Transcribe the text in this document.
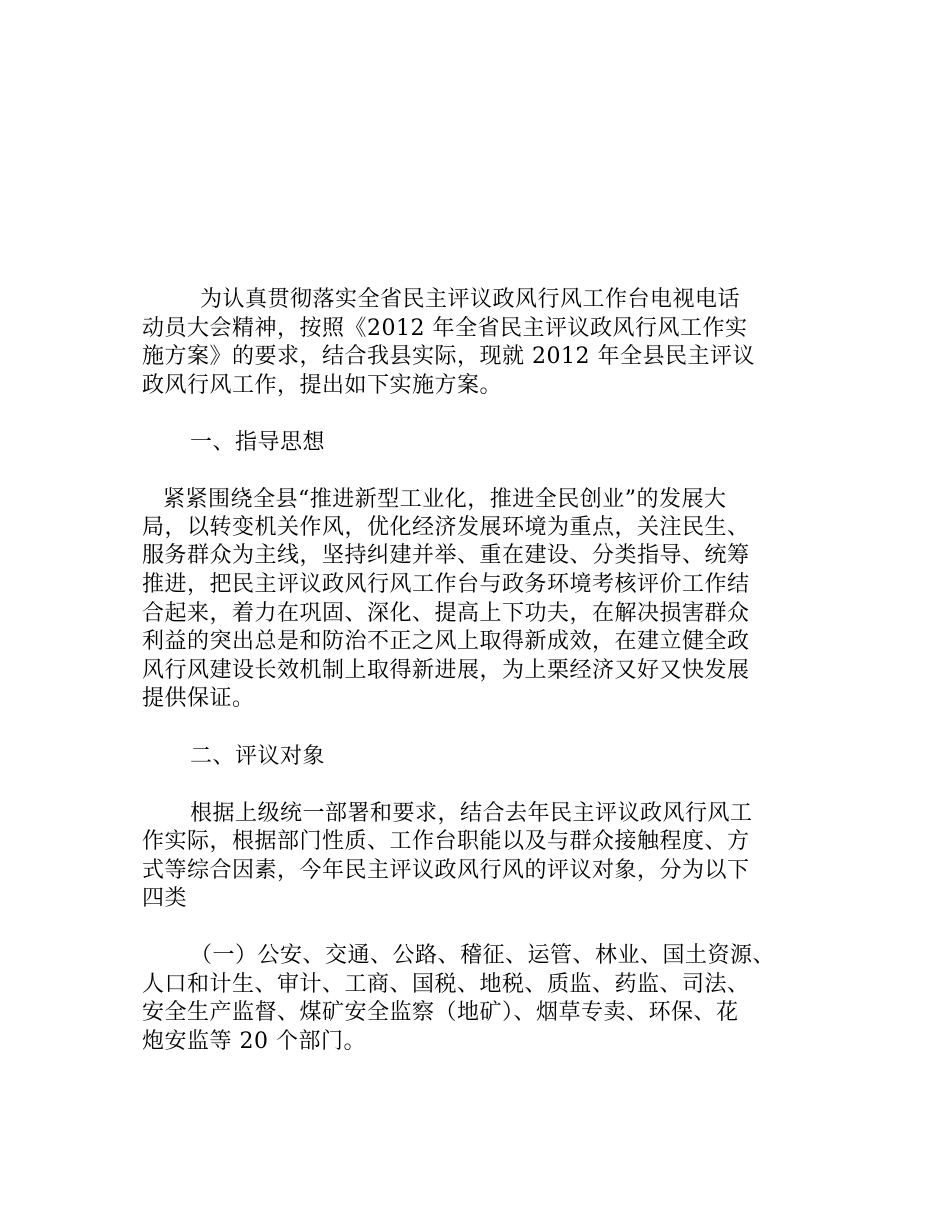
为认真贯彻落实全省民主评议政风行风工作台电视电话

动员大会精神，按照《2012 年全省民主评议政风行风工作实

施方案》的要求，结合我县实际，现就 2012 年全县民主评议

政风行风工作，提出如下实施方案。

一、指导思想

紧紧围绕全县“推进新型工业化，推进全民创业”的发展大

局，以转变机关作风，优化经济发展环境为重点，关注民生、

服务群众为主线，坚持纠建并举、重在建设、分类指导、统筹

推进，把民主评议政风行风工作台与政务环境考核评价工作结

合起来，着力在巩固、深化、提高上下功夫，在解决损害群众

利益的突出总是和防治不正之风上取得新成效，在建立健全政

风行风建设长效机制上取得新进展，为上栗经济又好又快发展

提供保证。

二、评议对象

根据上级统一部署和要求，结合去年民主评议政风行风工

作实际，根据部门性质、工作台职能以及与群众接触程度、方

式等综合因素，今年民主评议政风行风的评议对象，分为以下

四类

（一）公安、交通、公路、稽征、运管、林业、国土资源、

人口和计生、审计、工商、国税、地税、质监、药监、司法、

安全生产监督、煤矿安全监察（地矿）、烟草专卖、环保、花

炮安监等 20 个部门。
